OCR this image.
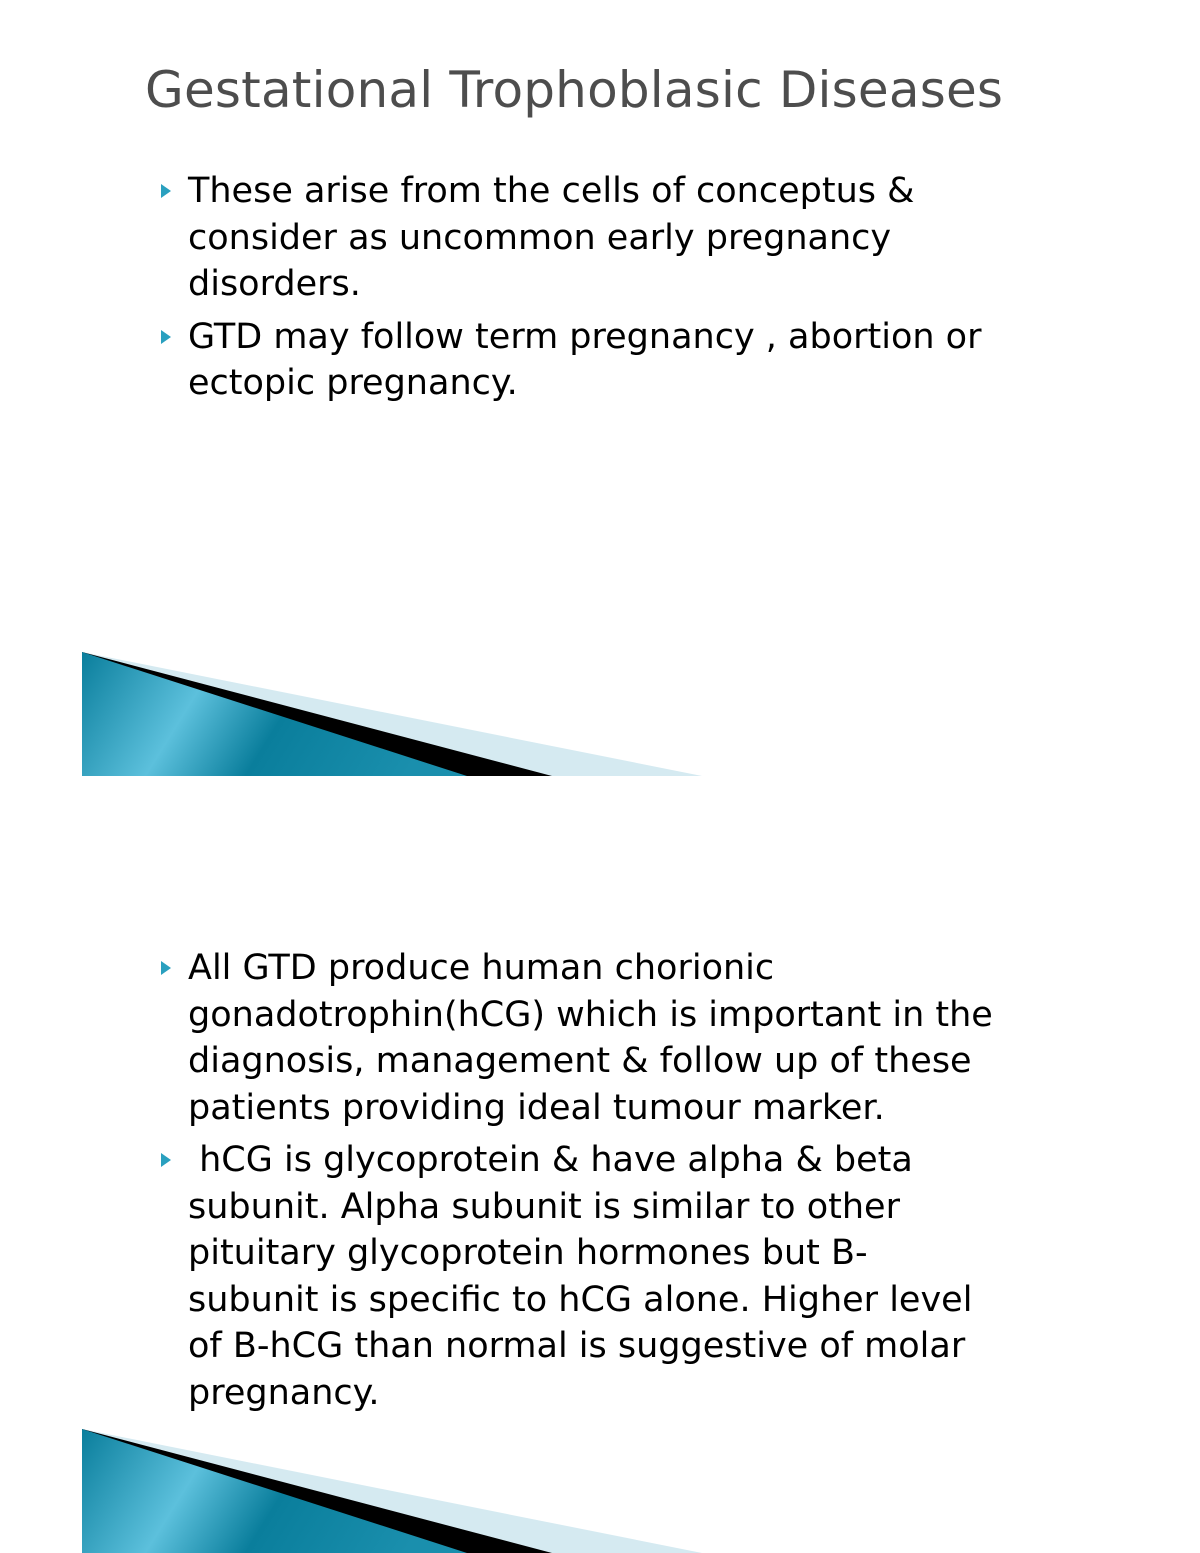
Gestational Trophoblasic Diseases
These arise from the cells of conceptus &
consider as uncommon early pregnancy
disorders.
GTD may follow term pregnancy , abortion or
ectopic pregnancy.
All GTD produce human chorionic
gonadotrophin(hCG) which is important in the
diagnosis, management & follow up of these
patients providing ideal tumour marker.
hCG is glycoprotein & have alpha & beta
subunit. Alpha subunit is similar to other
pituitary glycoprotein hormones but B-
subunit is specific to hCG alone. Higher level
of B-hCG than normal is suggestive of molar
pregnancy.
